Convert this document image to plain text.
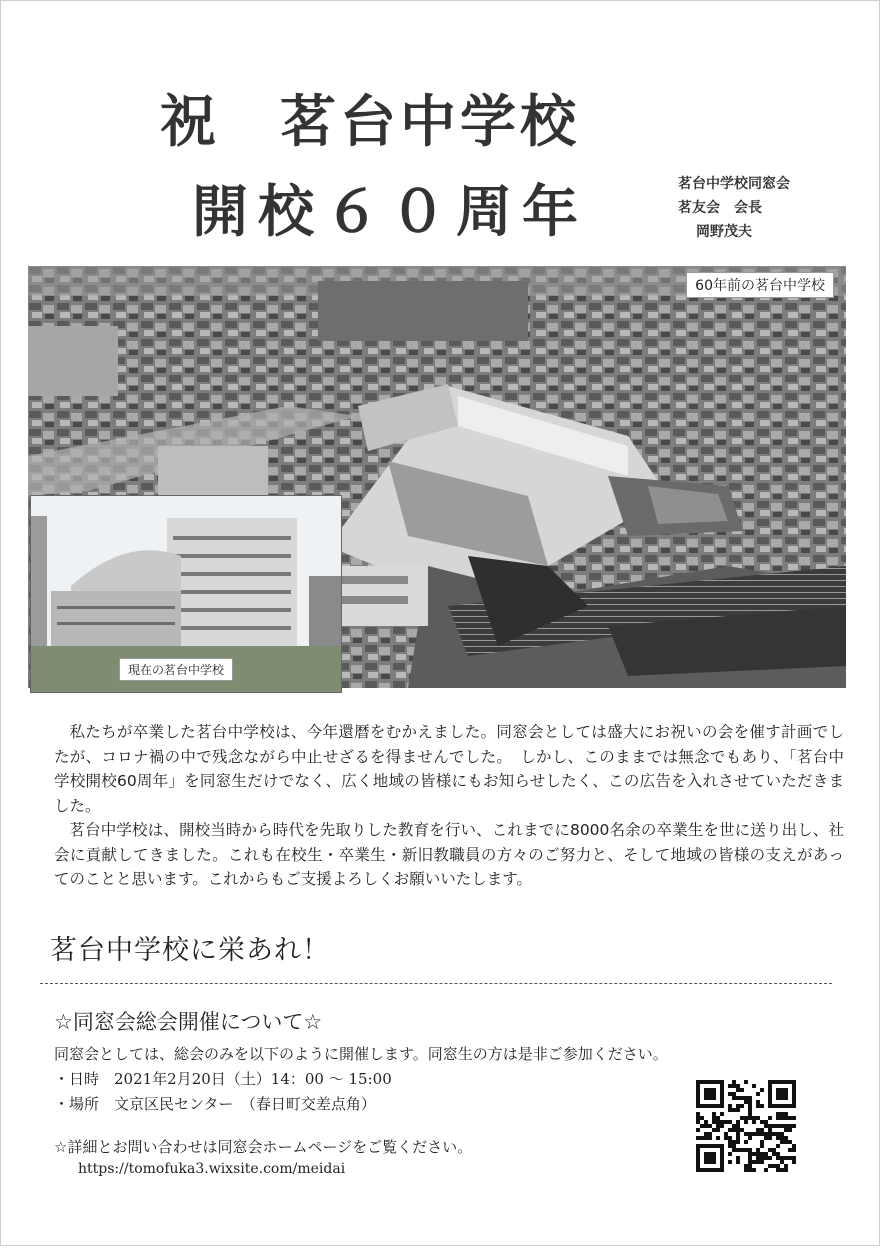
祝　茗台中学校
開校６０周年	茗台中学校同窓会
茗友会　会長
岡野茂夫
60年前の茗台中学校
現在の茗台中学校

私たちが卒業した茗台中学校は、今年還暦をむかえました。同窓会としては盛大にお祝いの会を催す計画でしたが、コロナ禍の中で残念ながら中止せざるを得ませんでした。　しかし、このままでは無念でもあり、「茗台中学校開校60周年」を同窓生だけでなく、広く地域の皆様にもお知らせしたく、この広告を入れさせていただきました。

茗台中学校は、開校当時から時代を先取りした教育を行い、これまでに8000名余の卒業生を世に送り出し、社会に貢献してきました。これも在校生・卒業生・新旧教職員の方々のご努力と、そして地域の皆様の支えがあってのことと思います。これからもご支援よろしくお願いいたします。

茗台中学校に栄あれ！
☆同窓会総会開催について☆
同窓会としては、総会のみを以下のように開催します。同窓生の方は是非ご参加ください。
・日時　2021年2月20日（土）14：00 〜 15:00
・場所　文京区民センター　（春日町交差点角）
☆詳細とお問い合わせは同窓会ホームページをご覧ください。
https://tomofuka3.wixsite.com/meidai
